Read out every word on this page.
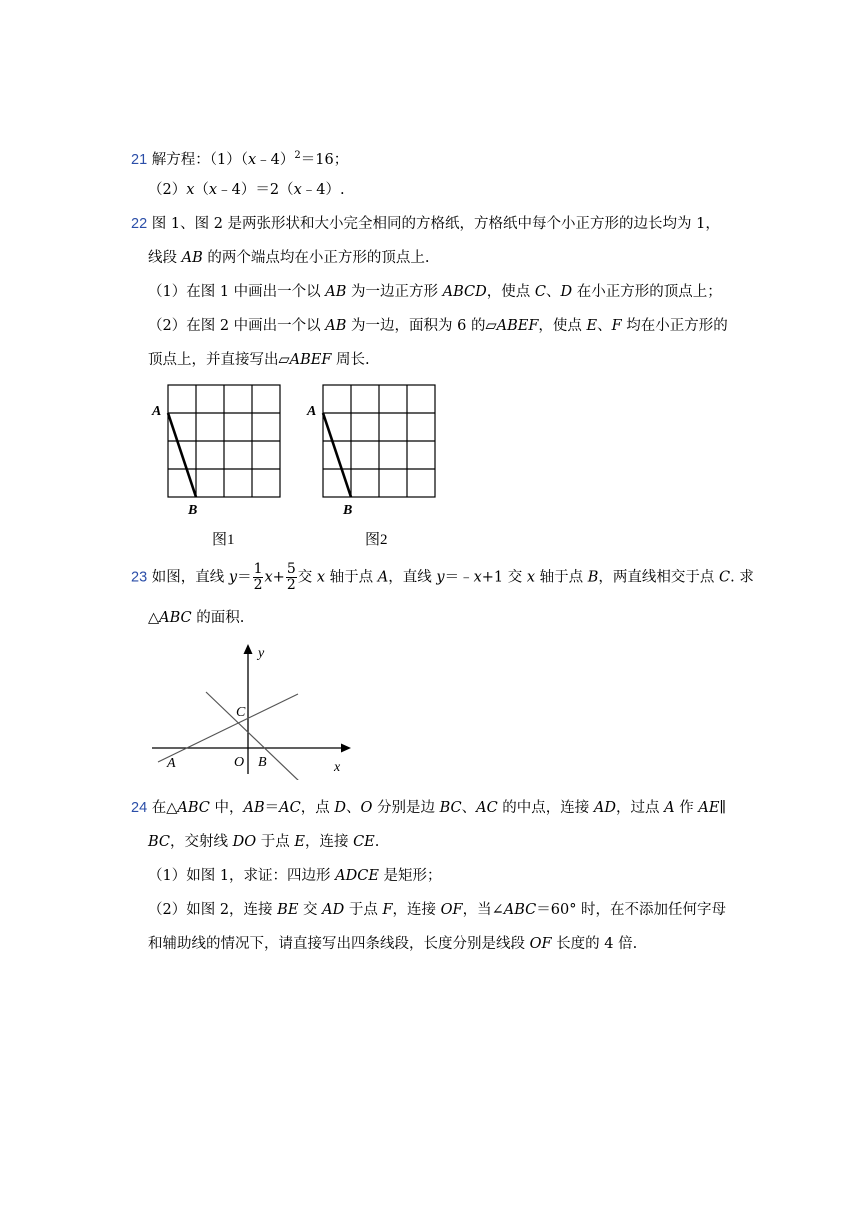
21 解方程：（1）（x﹣4）$^2$＝16；
（2）x（x﹣4）＝2（x﹣4）.
22 图 1、图 2 是两张形状和大小完全相同的方格纸，方格纸中每个小正方形的边长均为 1，
线段 AB 的两个端点均在小正方形的顶点上.
（1）在图 1 中画出一个以 AB 为一边正方形 ABCD，使点 C、D 在小正方形的顶点上；
（2）在图 2 中画出一个以 AB 为一边，面积为 6 的▱ABEF，使点 E、F 均在小正方形的
顶点上，并直接写出▱ABEF 周长.
A
B
图1
A
B
图2
23 如图，直线 $y= \frac{1}{2} x+ \frac{5}{2}$ 交 x 轴于点 A，直线 y＝﹣x+1 交 x 轴于点 B，两直线相交于点 C. 求
△ABC 的面积.
y
x
C
A	O B
24 在△ABC 中，AB＝AC，点 D、O 分别是边 BC、AC 的中点，连接 AD，过点 A 作 AE∥
BC，交射线 DO 于点 E，连接 CE.
（1）如图 1，求证：四边形 ADCE 是矩形；
（2）如图 2，连接 BE 交 AD 于点 F，连接 OF，当∠ABC＝60° 时，在不添加任何字母
和辅助线的情况下，请直接写出四条线段，长度分别是线段 OF 长度的 4 倍.
